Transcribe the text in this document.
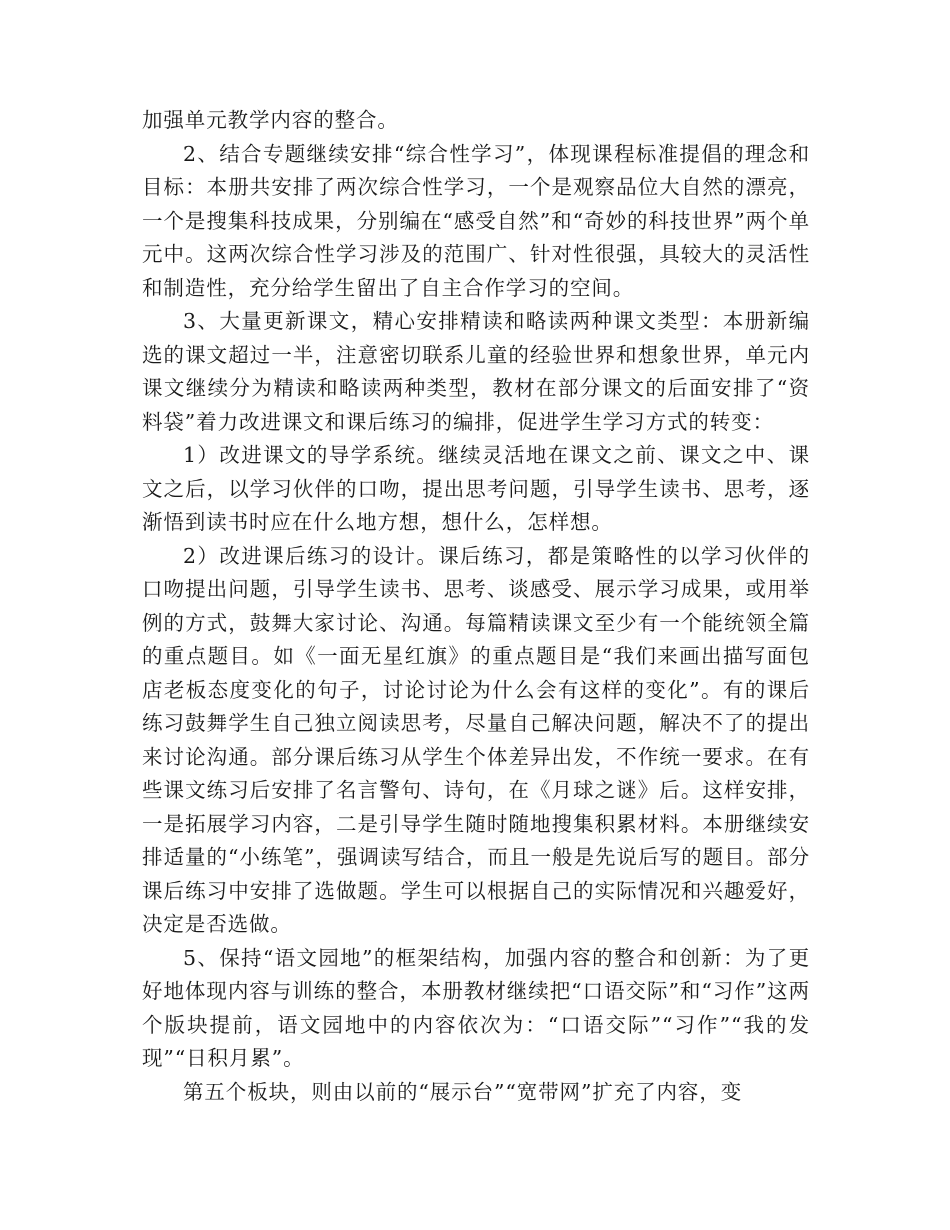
加强单元教学内容的整合。

2、结合专题继续安排“综合性学习”，体现课程标准提倡的理念和目标：本册共安排了两次综合性学习，一个是观察品位大自然的漂亮，一个是搜集科技成果，分别编在“感受自然”和“奇妙的科技世界”两个单元中。这两次综合性学习涉及的范围广、针对性很强，具较大的灵活性和制造性，充分给学生留出了自主合作学习的空间。

3、大量更新课文，精心安排精读和略读两种课文类型：本册新编选的课文超过一半，注意密切联系儿童的经验世界和想象世界，单元内课文继续分为精读和略读两种类型，教材在部分课文的后面安排了“资料袋”着力改进课文和课后练习的编排，促进学生学习方式的转变：

1）改进课文的导学系统。继续灵活地在课文之前、课文之中、课文之后，以学习伙伴的口吻，提出思考问题，引导学生读书、思考，逐渐悟到读书时应在什么地方想，想什么，怎样想。

2）改进课后练习的设计。课后练习，都是策略性的以学习伙伴的口吻提出问题，引导学生读书、思考、谈感受、展示学习成果，或用举例的方式，鼓舞大家讨论、沟通。每篇精读课文至少有一个能统领全篇的重点题目。如《一面无星红旗》的重点题目是“我们来画出描写面包店老板态度变化的句子，讨论讨论为什么会有这样的变化”。有的课后练习鼓舞学生自己独立阅读思考，尽量自己解决问题，解决不了的提出来讨论沟通。部分课后练习从学生个体差异出发，不作统一要求。在有些课文练习后安排了名言警句、诗句，在《月球之谜》后。这样安排，一是拓展学习内容，二是引导学生随时随地搜集积累材料。本册继续安排适量的“小练笔”，强调读写结合，而且一般是先说后写的题目。部分课后练习中安排了选做题。学生可以根据自己的实际情况和兴趣爱好，决定是否选做。

5、保持“语文园地”的框架结构，加强内容的整合和创新：为了更好地体现内容与训练的整合，本册教材继续把“口语交际”和“习作”这两个版块提前，语文园地中的内容依次为：“口语交际”“习作”“我的发现”“日积月累”。

第五个板块，则由以前的“展示台”“宽带网”扩充了内容，变
